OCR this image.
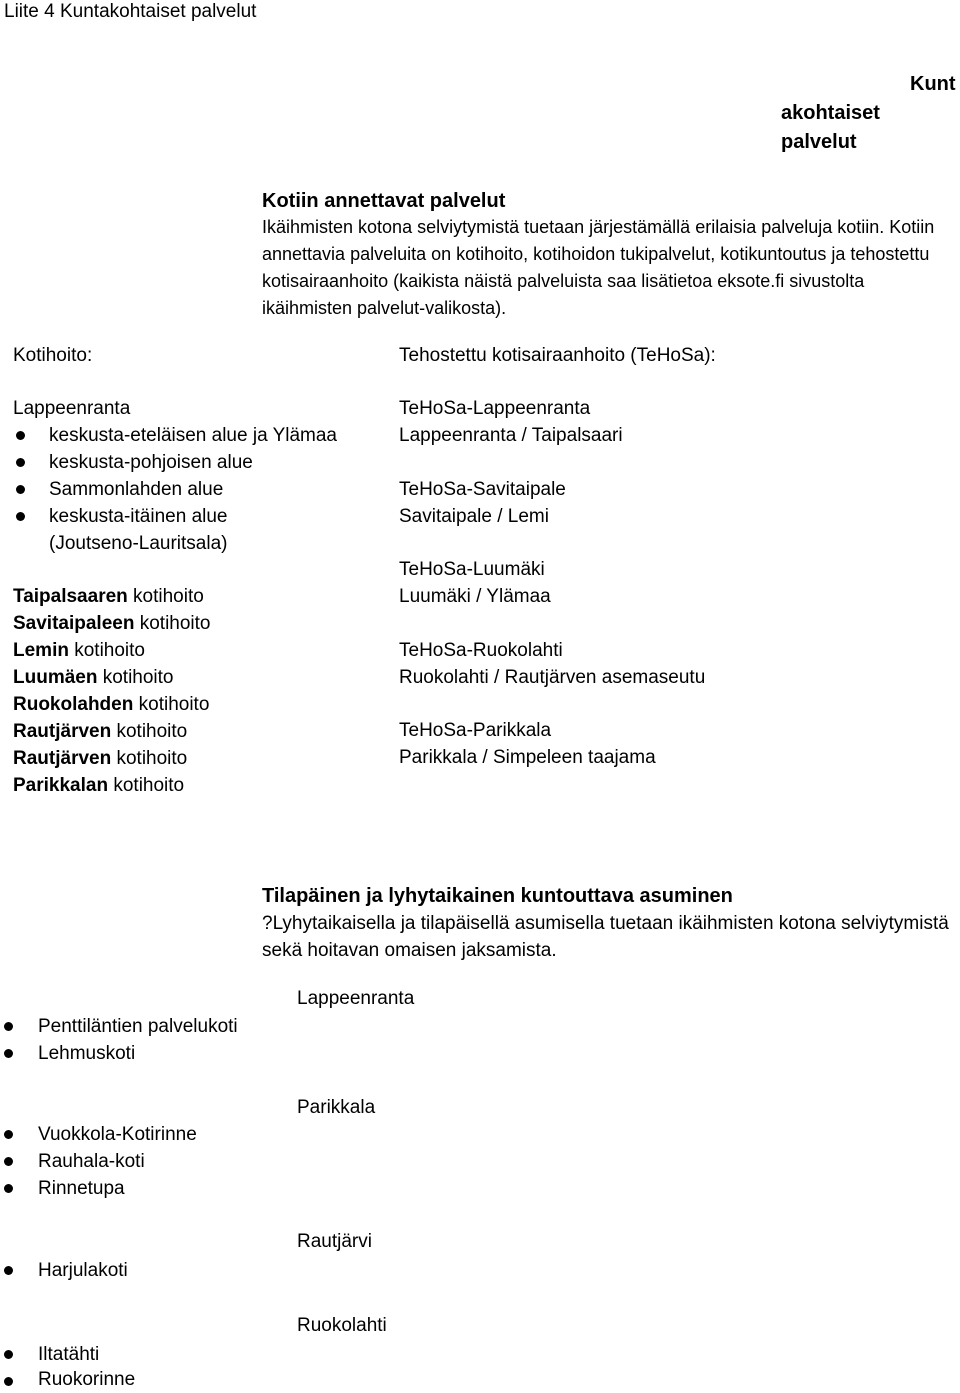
Liite 4 Kuntakohtaiset palvelut
Kunt
akohtaiset
palvelut
Kotiin annettavat palvelut
Ikäihmisten kotona selviytymistä tuetaan järjestämällä erilaisia palveluja kotiin. Kotiin annettavia palveluita on kotihoito, kotihoidon tukipalvelut, kotikuntoutus ja tehostettu kotisairaanhoito (kaikista näistä palveluista saa lisätietoa eksote.fi sivustolta ikäihmisten palvelut-valikosta).
Kotihoito:
Lappeenranta
keskusta-eteläisen alue ja Ylämaa
keskusta-pohjoisen alue
Sammonlahden alue
keskusta-itäinen alue
(Joutseno-Lauritsala)
Taipalsaaren kotihoito
Savitaipaleen kotihoito
Lemin kotihoito
Luumäen kotihoito
Ruokolahden kotihoito
Rautjärven kotihoito
Rautjärven kotihoito
Parikkalan kotihoito
Tehostettu kotisairaanhoito (TeHoSa):
TeHoSa-Lappeenranta
Lappeenranta / Taipalsaari
TeHoSa-Savitaipale
Savitaipale / Lemi
TeHoSa-Luumäki
Luumäki / Ylämaa
TeHoSa-Ruokolahti
Ruokolahti / Rautjärven asemaseutu
TeHoSa-Parikkala
Parikkala / Simpeleen taajama
Tilapäinen ja lyhytaikainen kuntouttava asuminen
?Lyhytaikaisella ja tilapäisellä asumisella tuetaan ikäihmisten kotona selviytymistä sekä hoitavan omaisen jaksamista.
Lappeenranta
Penttiläntien palvelukoti
Lehmuskoti
Parikkala
Vuokkola-Kotirinne
Rauhala-koti
Rinnetupa
Rautjärvi
Harjulakoti
Ruokolahti
Iltatähti
Ruokorinne
